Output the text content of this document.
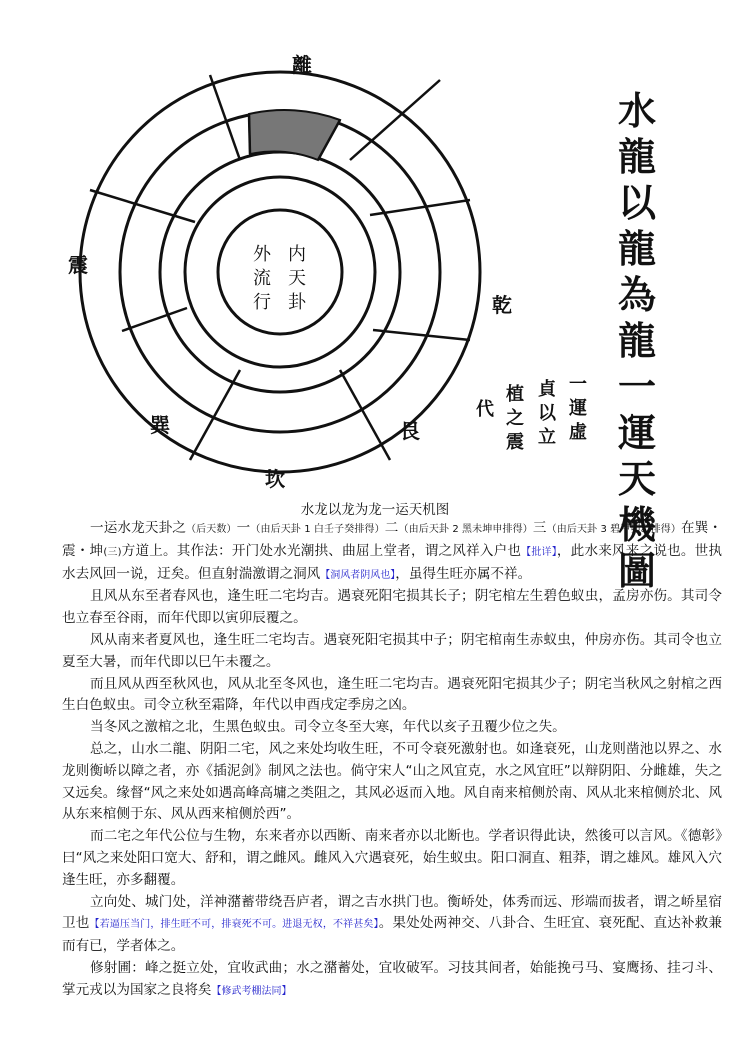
内
天
卦
外
流
行
震
乾
巽
坎
艮
離
一運虛
貞以立
植之震
代
水
龍
以
龍
為
龍
一
運
天
機
圖
水龙以龙为龙一运天机图

一运水龙天卦之（后天数）一（由后天卦 1 白壬子癸排得）二（由后天卦 2 黑未坤申排得）三（由后天卦 3 碧甲卯乙排得）在巽・震・坤(三)方道上。其作法：开门处水光潮拱、曲屈上堂者，谓之风祥入户也【批详】，此水来风来之说也。世执水去风回一说，迂矣。但直射湍激谓之洞风【洞风者阴风也】，虽得生旺亦属不祥。

且风从东至者春风也，逢生旺二宅均吉。遇衰死阳宅损其长子；阴宅棺左生碧色蚁虫，孟房亦伤。其司令也立春至谷雨，而年代即以寅卯辰覆之。

风从南来者夏风也，逢生旺二宅均吉。遇衰死阳宅损其中子；阴宅棺南生赤蚁虫，仲房亦伤。其司令也立夏至大暑，而年代即以巳午未覆之。

而且风从西至秋风也，风从北至冬风也，逢生旺二宅均吉。遇衰死阳宅损其少子；阴宅当秋风之射棺之西生白色蚁虫。司令立秋至霜降，年代以申酉戌定季房之凶。

当冬风之激棺之北，生黑色蚁虫。司令立冬至大寒，年代以亥子丑覆少位之失。

总之，山水二龍、阴阳二宅，风之来处均收生旺，不可令衰死激射也。如逢衰死，山龙则凿池以界之、水龙则衡峤以障之者，亦《插泥剑》制风之法也。倘守宋人“山之风宜克，水之风宜旺”以辩阴阳、分雌雄，失之又远矣。缘督“风之来处如遇高峰高墉之类阻之，其风必返而入地。风自南来棺侧於南、风从北来棺侧於北、风从东来棺侧于东、风从西来棺侧於西”。

而二宅之年代公位与生物，东来者亦以西断、南来者亦以北断也。学者识得此诀，然後可以言风。《德彰》曰“风之来处阳口宽大、舒和，谓之雌风。雌风入穴遇衰死，始生蚁虫。阳口洞直、粗莽，谓之雄风。雄风入穴逢生旺，亦多翻覆。

立向处、城门处，洋神潴蓄带绕吾庐者，谓之吉水拱门也。衡峤处，体秀而远、形端而拔者，谓之峤星宿卫也【若逼压当门，排生旺不可，排衰死不可。进退无权，不祥甚矣】。果处处两神交、八卦合、生旺宜、衰死配、直达补救兼而有已，学者体之。

修射圃：峰之挺立处，宜收武曲；水之潴蓄处，宜收破军。习技其间者，始能挽弓马、宴鹰扬、挂刁斗、掌元戎以为国家之良将矣【修武考棚法同】
